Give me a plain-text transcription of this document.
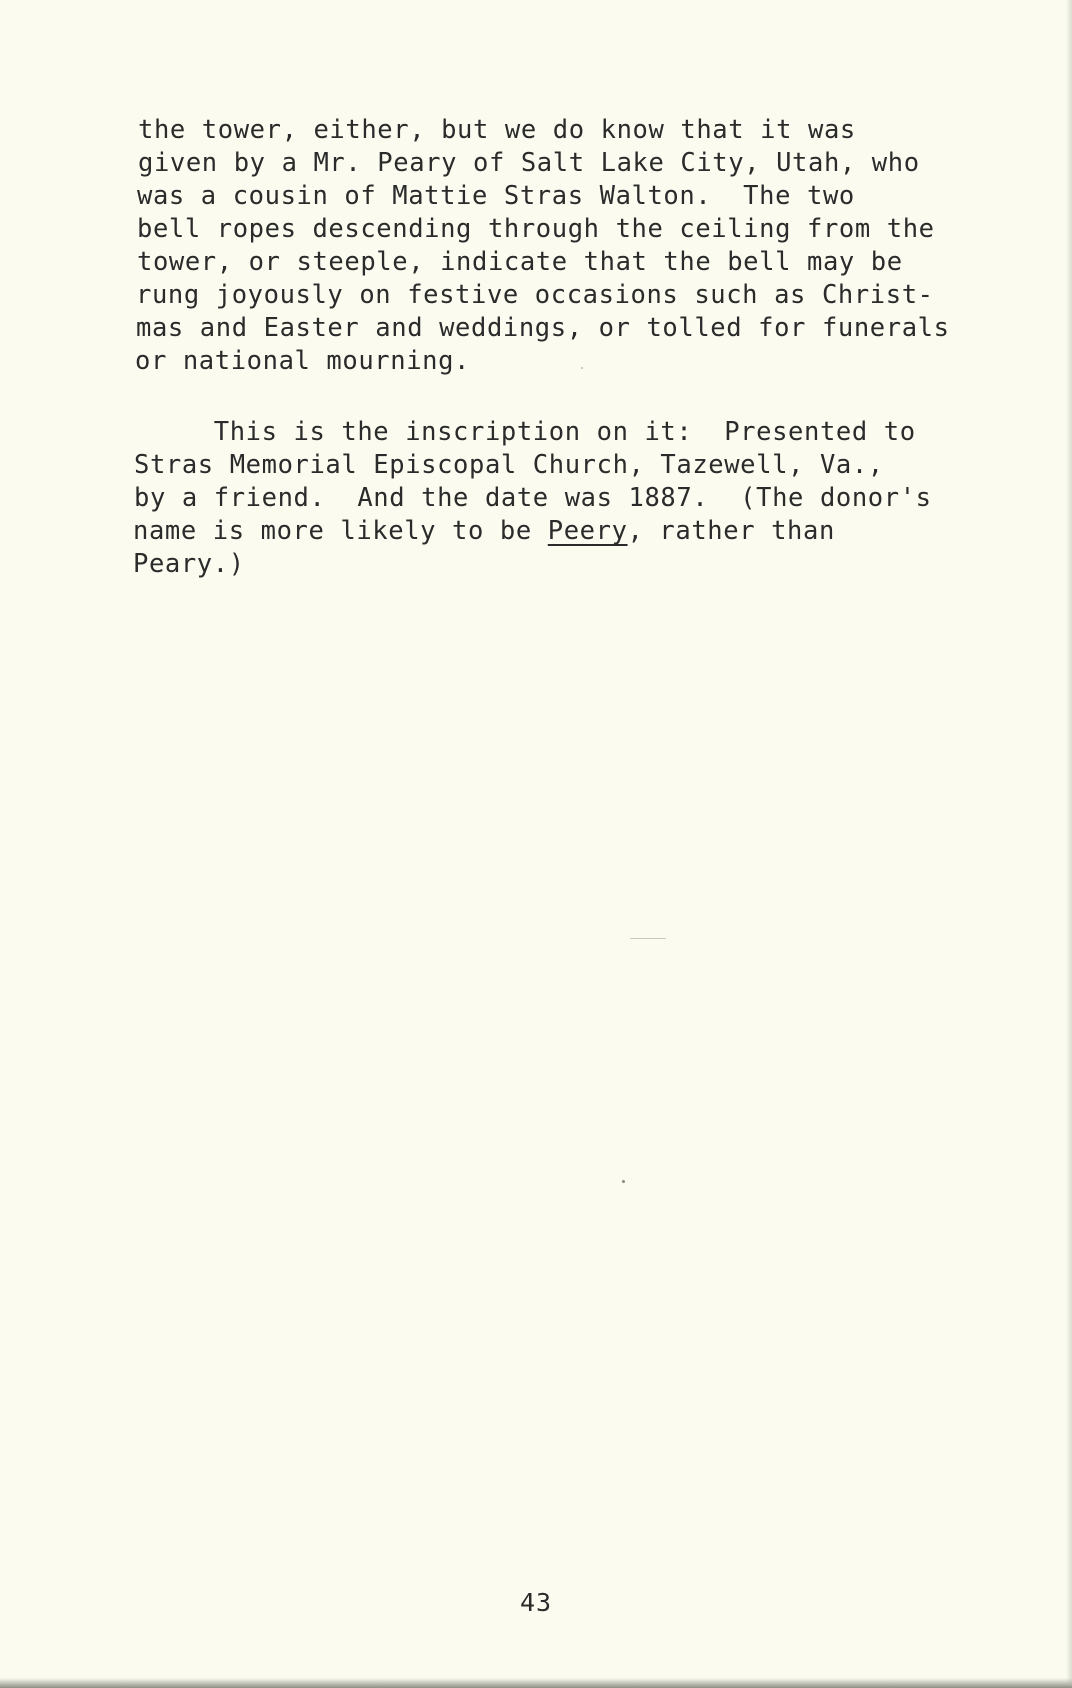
the tower, either, but we do know that it was

given by a Mr. Peary of Salt Lake City, Utah, who

was a cousin of Mattie Stras Walton.  The two

bell ropes descending through the ceiling from the

tower, or steeple, indicate that the bell may be

rung joyously on festive occasions such as Christ-

mas and Easter and weddings, or tolled for funerals

or national mourning.

This is the inscription on it:  Presented to

Stras Memorial Episcopal Church, Tazewell, Va.,

by a friend.  And the date was 1887.  (The donor's

name is more likely to be Peery, rather than

Peary.)

43
